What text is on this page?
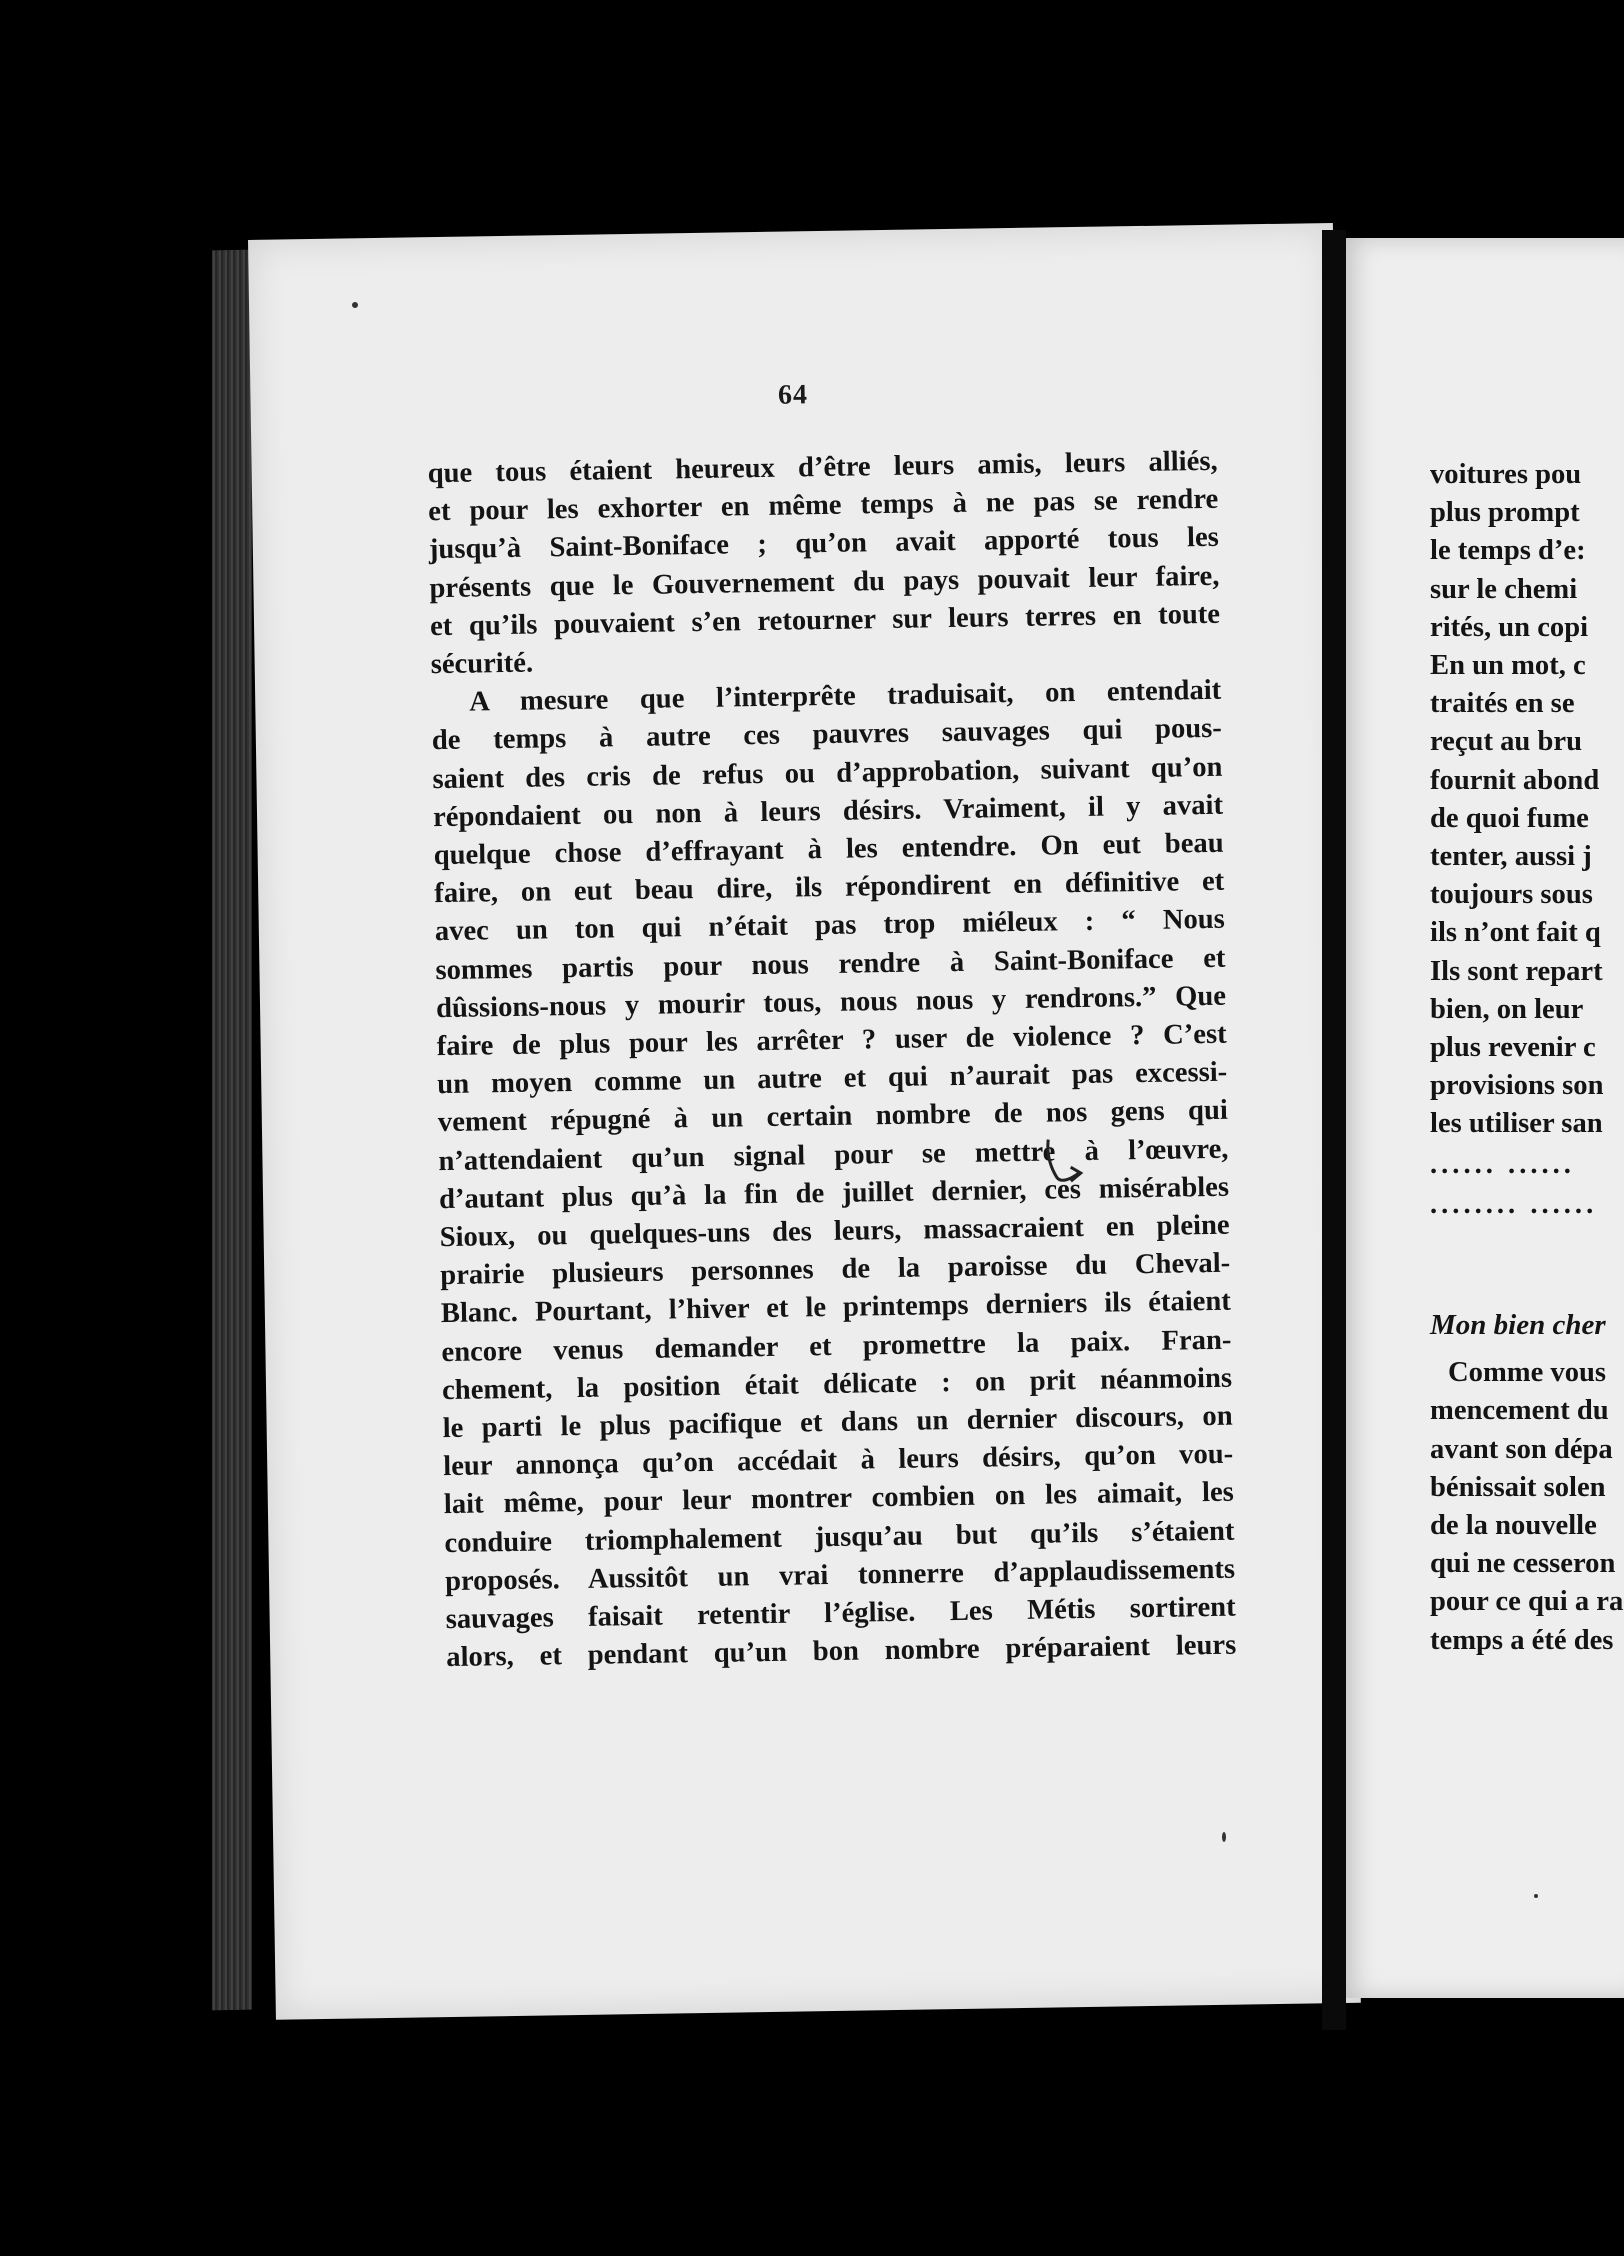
64

que tous étaient heureux d’être leurs amis, leurs alliés,

et pour les exhorter en même temps à ne pas se rendre

jusqu’à Saint-Boniface ; qu’on avait apporté tous les

présents que le Gouvernement du pays pouvait leur faire,

et qu’ils pouvaient s’en retourner sur leurs terres en toute

sécurité.

A mesure que l’interprête traduisait, on entendait

de temps à autre ces pauvres sauvages qui pous-

saient des cris de refus ou d’approbation, suivant qu’on

répondaient ou non à leurs désirs. Vraiment, il y avait

quelque chose d’effrayant à les entendre. On eut beau

faire, on eut beau dire, ils répondirent en définitive et

avec un ton qui n’était pas trop miéleux : “ Nous

sommes partis pour nous rendre à Saint-Boniface et

dûssions-nous y mourir tous, nous nous y rendrons.” Que

faire de plus pour les arrêter ? user de violence ? C’est

un moyen comme un autre et qui n’aurait pas excessi-

vement répugné à un certain nombre de nos gens qui

n’attendaient qu’un signal pour se mettre à l’œuvre,

d’autant plus qu’à la fin de juillet dernier, ces misérables

Sioux, ou quelques-uns des leurs, massacraient en pleine

prairie plusieurs personnes de la paroisse du Cheval-

Blanc. Pourtant, l’hiver et le printemps derniers ils étaient

encore venus demander et promettre la paix. Fran-

chement, la position était délicate : on prit néanmoins

le parti le plus pacifique et dans un dernier discours, on

leur annonça qu’on accédait à leurs désirs, qu’on vou-

lait même, pour leur montrer combien on les aimait, les

conduire triomphalement jusqu’au but qu’ils s’étaient

proposés. Aussitôt un vrai tonnerre d’applaudissements

sauvages faisait retentir l’église. Les Métis sortirent

alors, et pendant qu’un bon nombre préparaient leurs

voitures pou

plus prompt

le temps d’e:

sur le chemi

rités, un copi

En un mot, c

traités en se

reçut au bru

fournit abond

de quoi fume

tenter, aussi j

toujours sous

ils n’ont fait q

Ils sont repart

bien, on leur

plus revenir c

provisions son

les utiliser san

...... ......

........ ......

Mon bien cher

Comme vous

mencement du

avant son dépa

bénissait solen

de la nouvelle

qui ne cesseron

pour ce qui a ra

temps a été des
